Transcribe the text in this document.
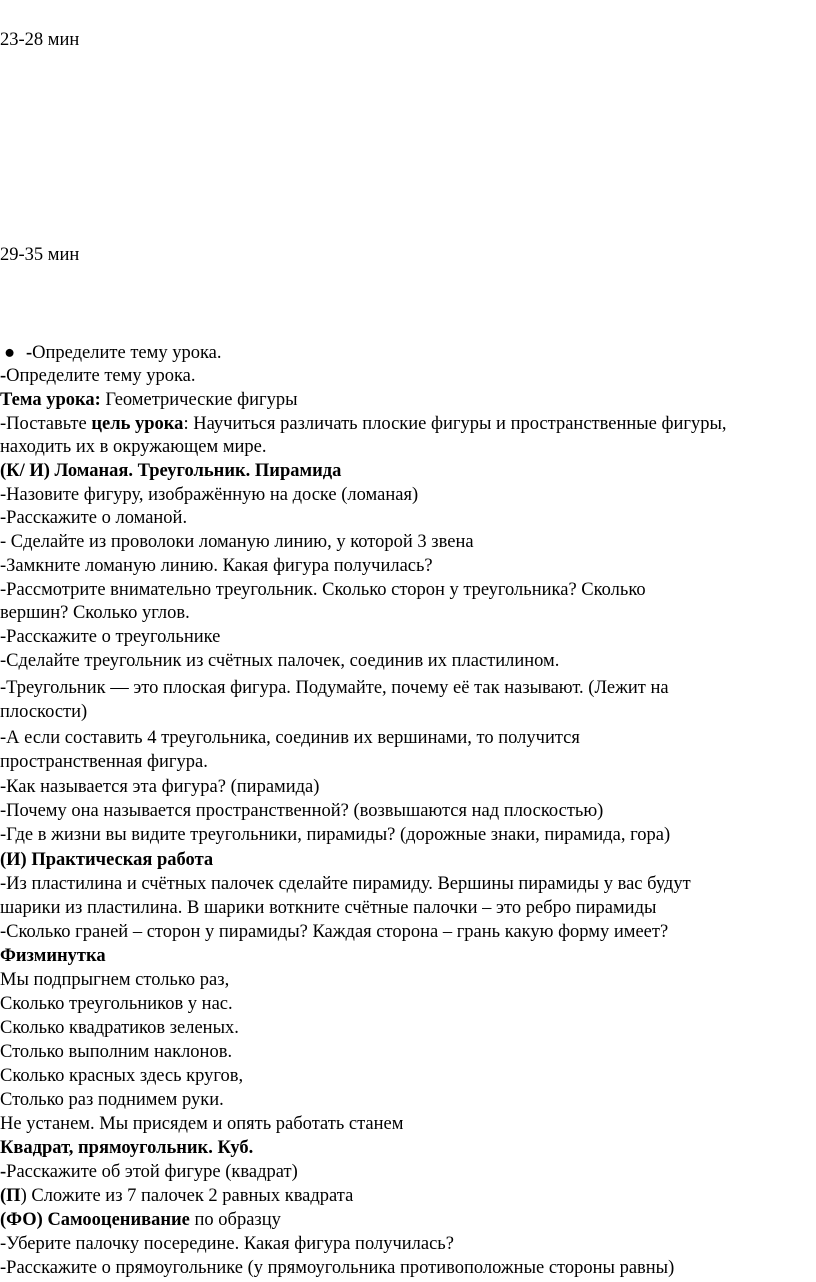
23-28 мин
29-35 мин
● -Определите тему урока.
-Определите тему урока.
Тема урока: Геометрические фигуры
-Поставьте цель урока: Научиться различать плоские фигуры и пространственные фигуры,
находить их в окружающем мире.
(К/ И) Ломаная. Треугольник. Пирамида
-Назовите фигуру, изображённую на доске (ломаная)
-Расскажите о ломаной.
- Сделайте из проволоки ломаную линию, у которой 3 звена
-Замкните ломаную линию. Какая фигура получилась?
-Рассмотрите внимательно треугольник. Сколько сторон у треугольника? Сколько
вершин? Сколько углов.
-Расскажите о треугольнике
-Сделайте треугольник из счётных палочек, соединив их пластилином.
-Треугольник — это плоская фигура. Подумайте, почему её так называют. (Лежит на
плоскости)
-А если составить 4 треугольника, соединив их вершинами, то получится
пространственная фигура.
-Как называется эта фигура? (пирамида)
-Почему она называется пространственной? (возвышаются над плоскостью)
-Где в жизни вы видите треугольники, пирамиды? (дорожные знаки, пирамида, гора)
(И) Практическая работа
-Из пластилина и счётных палочек сделайте пирамиду. Вершины пирамиды у вас будут
шарики из пластилина. В шарики воткните счётные палочки – это ребро пирамиды
-Сколько граней – сторон у пирамиды? Каждая сторона – грань какую форму имеет?
Физминутка
Мы подпрыгнем столько раз,
Сколько треугольников у нас.
Сколько квадратиков зеленых.
Столько выполним наклонов.
Сколько красных здесь кругов,
Столько раз поднимем руки.
Не устанем. Мы присядем и опять работать станем
Квадрат, прямоугольник. Куб.
-Расскажите об этой фигуре (квадрат)
(П) Сложите из 7 палочек 2 равных квадрата
(ФО) Самооценивание по образцу
-Уберите палочку посередине. Какая фигура получилась?
-Расскажите о прямоугольнике (у прямоугольника противоположные стороны равны)
